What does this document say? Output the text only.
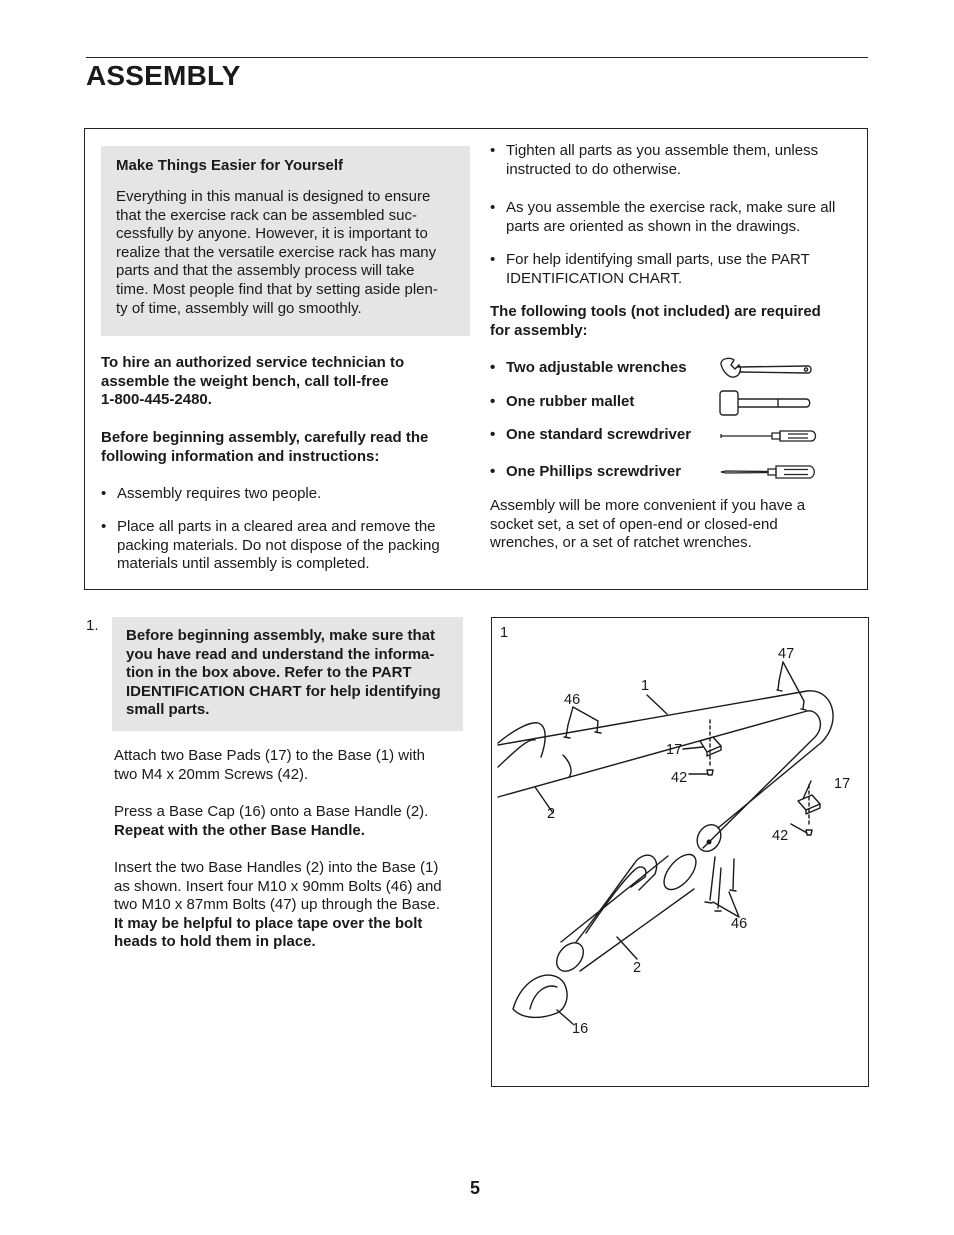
ASSEMBLY
Make Things Easier for Yourself
Everything in this manual is designed to ensure
that the exercise rack can be assembled suc-
cessfully by anyone. However, it is important to
realize that the versatile exercise rack has many
parts and that the assembly process will take
time. Most people find that by setting aside plen-
ty of time, assembly will go smoothly.
To hire an authorized service technician to
assemble the weight bench, call toll-free
1-800-445-2480.
Before beginning assembly, carefully read the
following information and instructions:
• Assembly requires two people.
• Place all parts in a cleared area and remove the
packing materials. Do not dispose of the packing
materials until assembly is completed.
• Tighten all parts as you assemble them, unless
instructed to do otherwise.
• As you assemble the exercise rack, make sure all
parts are oriented as shown in the drawings.
• For help identifying small parts, use the PART
IDENTIFICATION CHART.
The following tools (not included) are required
for assembly:
• Two adjustable wrenches
• One rubber mallet
• One standard screwdriver
• One Phillips screwdriver
Assembly will be more convenient if you have a
socket set, a set of open-end or closed-end
wrenches, or a set of ratchet wrenches.
1.
Before beginning assembly, make sure that
you have read and understand the informa-
tion in the box above. Refer to the PART
IDENTIFICATION CHART for help identifying
small parts.
Attach two Base Pads (17) to the Base (1) with
two M4 x 20mm Screws (42).
Press a Base Cap (16) onto a Base Handle (2).
Repeat with the other Base Handle.
Insert the two Base Handles (2) into the Base (1)
as shown. Insert four M10 x 90mm Bolts (46) and
two M10 x 87mm Bolts (47) up through the Base.
It may be helpful to place tape over the bolt
heads to hold them in place.
1
47
1
46
17
42	17
2
42
46
2
16
5
